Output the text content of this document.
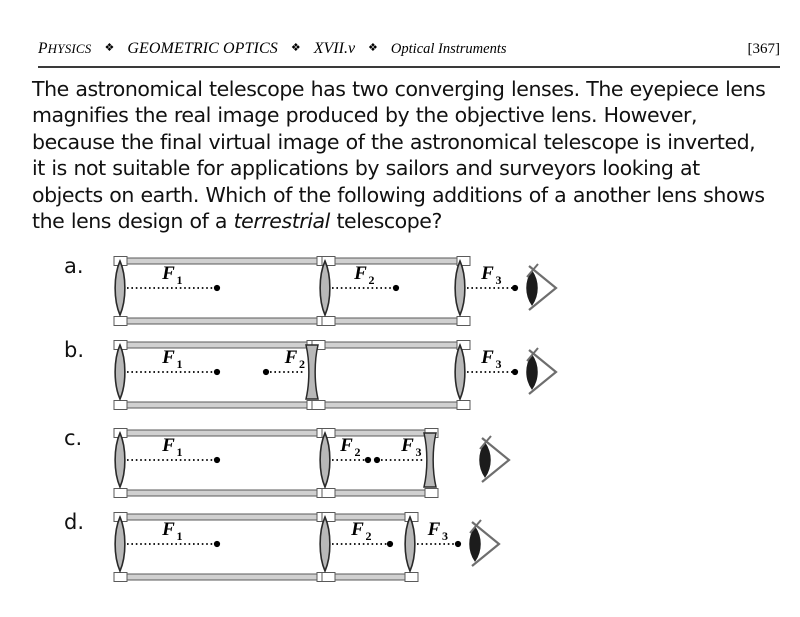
PHYSICS ❖ GEOMETRIC OPTICS ❖ XVII.v ❖ Optical Instruments	[367]
The astronomical telescope has two converging lenses. The eyepiece lens magnifies the real image produced by the objective lens. However, because the final virtual image of the astronomical telescope is inverted, it is not suitable for applications by sailors and surveyors looking at objects on earth. Which of the following additions of a another lens shows the lens design of a terrestrial telescope?
a.	F 1	F 2	F 3
b.	F 1	F 2	F 3
c.	F 1	F 2 F 3
d.	F 1	F 2	F 3
